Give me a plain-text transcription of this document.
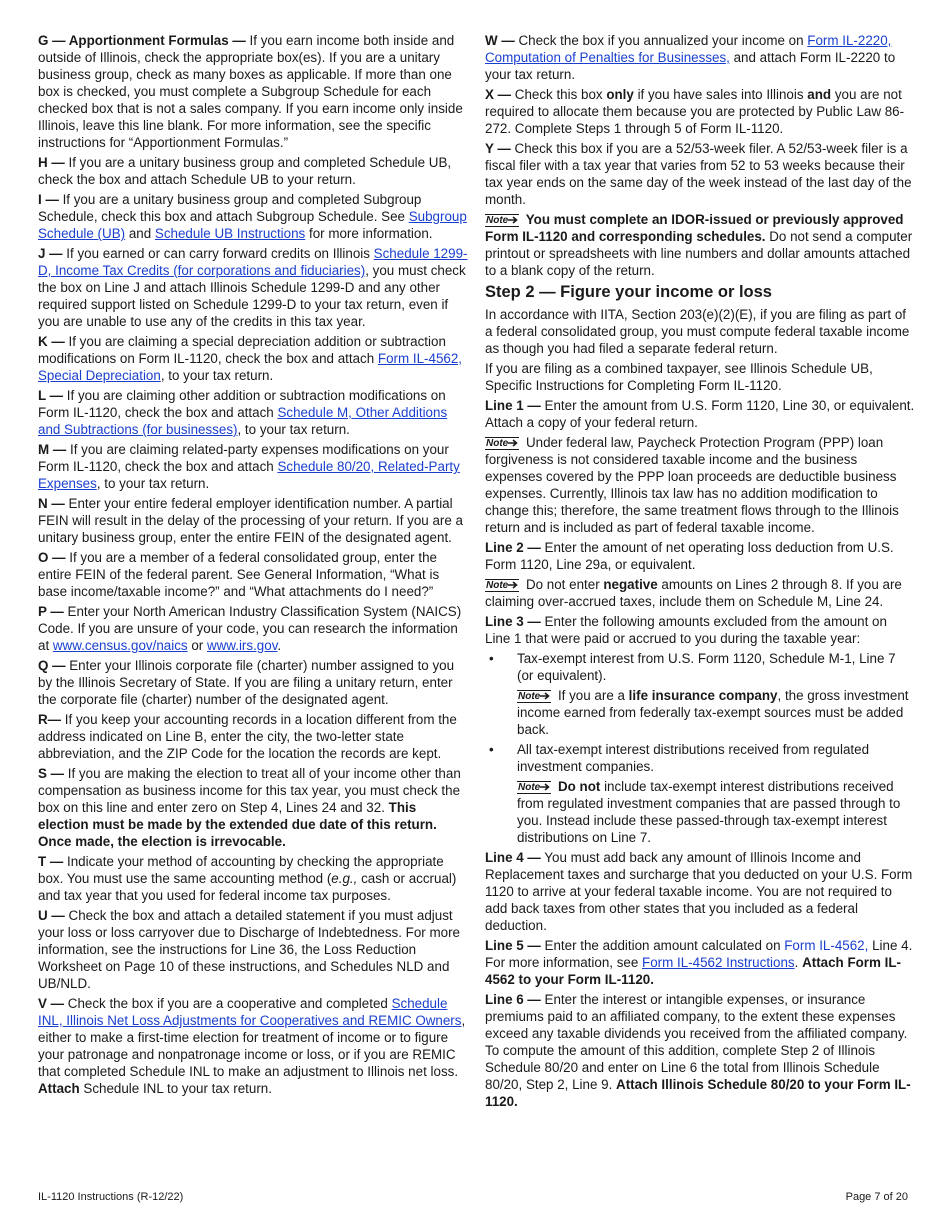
G — Apportionment Formulas — If you earn income both inside and outside of Illinois, check the appropriate box(es). If you are a unitary business group, check as many boxes as applicable. If more than one box is checked, you must complete a Subgroup Schedule for each checked box that is not a sales company. If you earn income only inside Illinois, leave this line blank. For more information, see the specific instructions for “Apportionment Formulas.”

H — If you are a unitary business group and completed Schedule UB, check the box and attach Schedule UB to your return.

I — If you are a unitary business group and completed Subgroup Schedule, check this box and attach Subgroup Schedule. See Subgroup Schedule (UB) and Schedule UB Instructions for more information.

J — If you earned or can carry forward credits on Illinois Schedule 1299-D, Income Tax Credits (for corporations and fiduciaries), you must check the box on Line J and attach Illinois Schedule 1299-D and any other required support listed on Schedule 1299-D to your tax return, even if you are unable to use any of the credits in this tax year.

K — If you are claiming a special depreciation addition or subtraction modifications on Form IL-1120, check the box and attach Form IL-4562, Special Depreciation, to your tax return.

L — If you are claiming other addition or subtraction modifications on Form IL-1120, check the box and attach Schedule M, Other Additions and Subtractions (for businesses), to your tax return.

M — If you are claiming related-party expenses modifications on your Form IL-1120, check the box and attach Schedule 80/20, Related-Party Expenses, to your tax return.

N — Enter your entire federal employer identification number. A partial FEIN will result in the delay of the processing of your return. If you are a unitary business group, enter the entire FEIN of the designated agent.

O — If you are a member of a federal consolidated group, enter the entire FEIN of the federal parent. See General Information, “What is base income/taxable income?” and “What attachments do I need?”

P — Enter your North American Industry Classification System (NAICS) Code. If you are unsure of your code, you can research the information at www.census.gov/naics or www.irs.gov.

Q — Enter your Illinois corporate file (charter) number assigned to you by the Illinois Secretary of State. If you are filing a unitary return, enter the corporate file (charter) number of the designated agent.

R— If you keep your accounting records in a location different from the address indicated on Line B, enter the city, the two-letter state abbreviation, and the ZIP Code for the location the records are kept.

S — If you are making the election to treat all of your income other than compensation as business income for this tax year, you must check the box on this line and enter zero on Step 4, Lines 24 and 32. This election must be made by the extended due date of this return. Once made, the election is irrevocable.

T — Indicate your method of accounting by checking the appropriate box. You must use the same accounting method (e.g., cash or accrual) and tax year that you used for federal income tax purposes.

U — Check the box and attach a detailed statement if you must adjust your loss or loss carryover due to Discharge of Indebtedness. For more information, see the instructions for Line 36, the Loss Reduction Worksheet on Page 10 of these instructions, and Schedules NLD and UB/NLD.

V — Check the box if you are a cooperative and completed Schedule INL, Illinois Net Loss Adjustments for Cooperatives and REMIC Owners, either to make a first-time election for treatment of income or to figure your patronage and nonpatronage income or loss, or if you are REMIC that completed Schedule INL to make an adjustment to Illinois net loss. Attach Schedule INL to your tax return.

W — Check the box if you annualized your income on Form IL-2220, Computation of Penalties for Businesses, and attach Form IL-2220 to your tax return.

X — Check this box only if you have sales into Illinois and you are not required to allocate them because you are protected by Public Law 86-272. Complete Steps 1 through 5 of Form IL-1120.

Y — Check this box if you are a 52/53-week filer. A 52/53-week filer is a fiscal filer with a tax year that varies from 52 to 53 weeks because their tax year ends on the same day of the week instead of the last day of the month.

Note You must complete an IDOR-issued or previously approved Form IL-1120 and corresponding schedules. Do not send a computer printout or spreadsheets with line numbers and dollar amounts attached to a blank copy of the return.

Step 2 — Figure your income or loss

In accordance with IITA, Section 203(e)(2)(E), if you are filing as part of a federal consolidated group, you must compute federal taxable income as though you had filed a separate federal return.

If you are filing as a combined taxpayer, see Illinois Schedule UB, Specific Instructions for Completing Form IL-1120.

Line 1 — Enter the amount from U.S. Form 1120, Line 30, or equivalent. Attach a copy of your federal return.

Note Under federal law, Paycheck Protection Program (PPP) loan forgiveness is not considered taxable income and the business expenses covered by the PPP loan proceeds are deductible business expenses. Currently, Illinois tax law has no addition modification to change this; therefore, the same treatment flows through to the Illinois return and is included as part of federal taxable income.

Line 2 — Enter the amount of net operating loss deduction from U.S. Form 1120, Line 29a, or equivalent.

Note Do not enter negative amounts on Lines 2 through 8. If you are claiming over-accrued taxes, include them on Schedule M, Line 24.

Line 3 — Enter the following amounts excluded from the amount on Line 1 that were paid or accrued to you during the taxable year:

• Tax-exempt interest from U.S. Form 1120, Schedule M-1, Line 7 (or equivalent).
Note If you are a life insurance company, the gross investment income earned from federally tax-exempt sources must be added back.
• All tax-exempt interest distributions received from regulated investment companies.
Note Do not include tax-exempt interest distributions received from regulated investment companies that are passed through to you. Instead include these passed-through tax-exempt interest distributions on Line 7.

Line 4 — You must add back any amount of Illinois Income and Replacement taxes and surcharge that you deducted on your U.S. Form 1120 to arrive at your federal taxable income. You are not required to add back taxes from other states that you included as a federal deduction.

Line 5 — Enter the addition amount calculated on Form IL-4562, Line 4. For more information, see Form IL-4562 Instructions. Attach Form IL-4562 to your Form IL-1120.

Line 6 — Enter the interest or intangible expenses, or insurance premiums paid to an affiliated company, to the extent these expenses exceed any taxable dividends you received from the affiliated company. To compute the amount of this addition, complete Step 2 of Illinois Schedule 80/20 and enter on Line 6 the total from Illinois Schedule 80/20, Step 2, Line 9. Attach Illinois Schedule 80/20 to your Form IL-1120.

IL-1120 Instructions (R-12/22)	Page 7 of 20
